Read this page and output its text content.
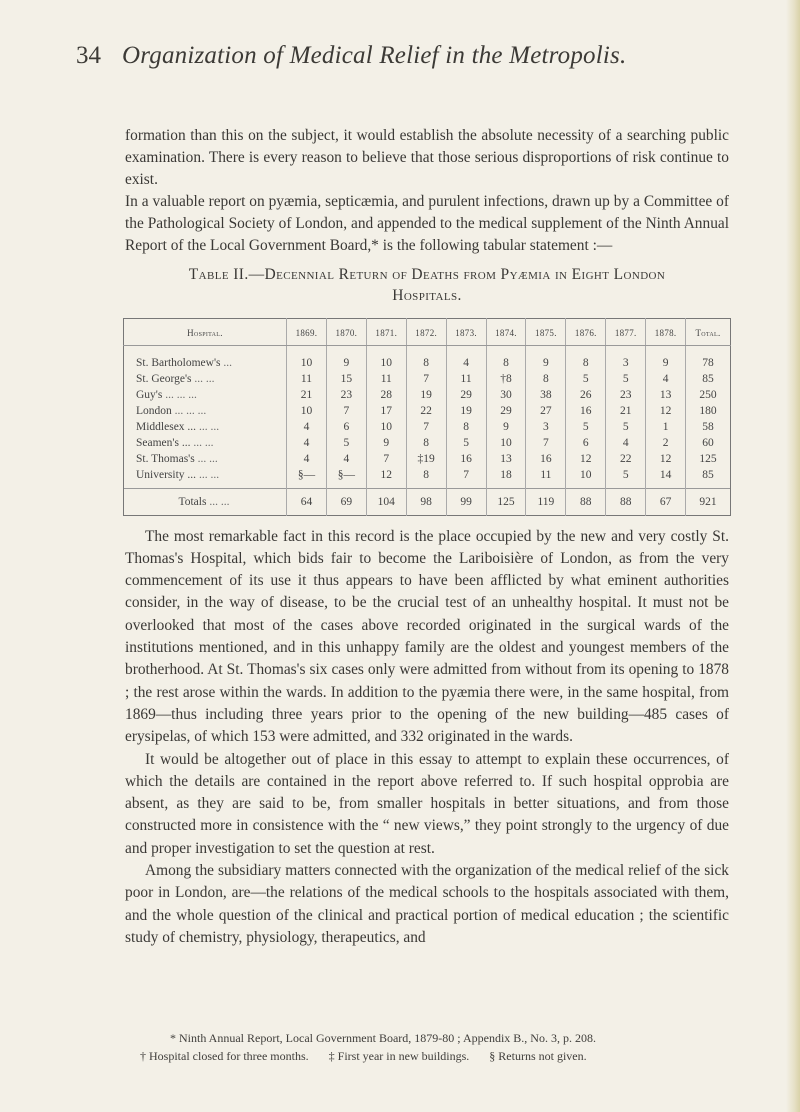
34 Organization of Medical Relief in the Metropolis.

formation than this on the subject, it would establish the absolute necessity of a searching public examination. There is every reason to believe that those serious disproportions of risk continue to exist.

In a valuable report on pyæmia, septicæmia, and purulent infections, drawn up by a Committee of the Pathological Society of London, and appended to the medical supplement of the Ninth Annual Report of the Local Government Board,* is the following tabular statement :—

Table II.—Decennial Return of Deaths from Pyæmia in Eight London
Hospitals.
Hospital.	1869.	1870.	1871.	1872.	1873.	1874.	1875.	1876.	1877.	1878.	Total.
St. Bartholomew's ...	10	9	10	8	4	8	9	8	3	9	78
St. George's ... ...	11	15	11	7	11	†8	8	5	5	4	85
Guy's ... ... ...	21	23	28	19	29	30	38	26	23	13	250
London ... ... ...	10	7	17	22	19	29	27	16	21	12	180
Middlesex ... ... ...	4	6	10	7	8	9	3	5	5	1	58
Seamen's ... ... ...	4	5	9	8	5	10	7	6	4	2	60
St. Thomas's ... ...	4	4	7	‡19	16	13	16	12	22	12	125
University ... ... ...	§—	§—	12	8	7	18	11	10	5	14	85
Totals ... ...	64	69	104	98	99	125	119	88	88	67	921

The most remarkable fact in this record is the place occupied by the new and very costly St. Thomas's Hospital, which bids fair to become the Lariboisière of London, as from the very commencement of its use it thus appears to have been afflicted by what eminent authorities consider, in the way of disease, to be the crucial test of an unhealthy hospital. It must not be overlooked that most of the cases above recorded originated in the surgical wards of the institutions mentioned, and in this unhappy family are the oldest and youngest members of the brotherhood. At St. Thomas's six cases only were admitted from without from its opening to 1878 ; the rest arose within the wards. In addition to the pyæmia there were, in the same hospital, from 1869—thus including three years prior to the opening of the new building—485 cases of erysipelas, of which 153 were admitted, and 332 originated in the wards.

It would be altogether out of place in this essay to attempt to explain these occurrences, of which the details are contained in the report above referred to. If such hospital opprobia are absent, as they are said to be, from smaller hospitals in better situations, and from those constructed more in consistence with the “ new views,” they point strongly to the urgency of due and proper investigation to set the question at rest.

Among the subsidiary matters connected with the organization of the medical relief of the sick poor in London, are—the relations of the medical schools to the hospitals associated with them, and the whole question of the clinical and practical portion of medical education ; the scientific study of chemistry, physiology, therapeutics, and

* Ninth Annual Report, Local Government Board, 1879-80 ; Appendix B., No. 3, p. 208.
† Hospital closed for three months. ‡ First year in new buildings. § Returns not given.
